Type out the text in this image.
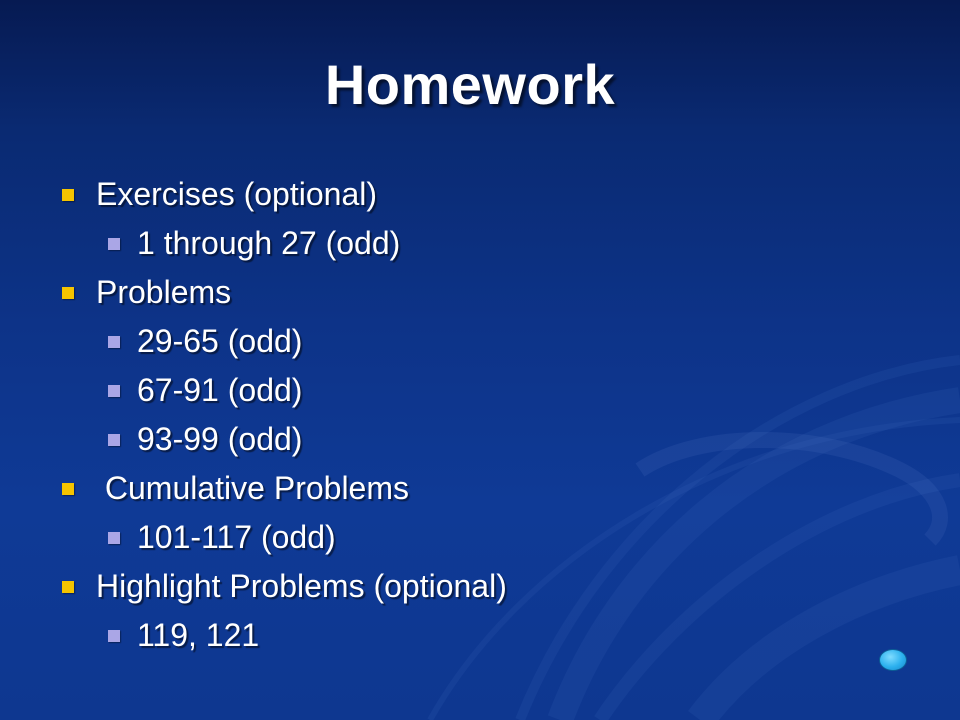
Homework
Exercises (optional)
1 through 27 (odd)
Problems
29-65 (odd)
67-91 (odd)
93-99 (odd)
Cumulative Problems
101-117 (odd)
Highlight Problems (optional)
119, 121
